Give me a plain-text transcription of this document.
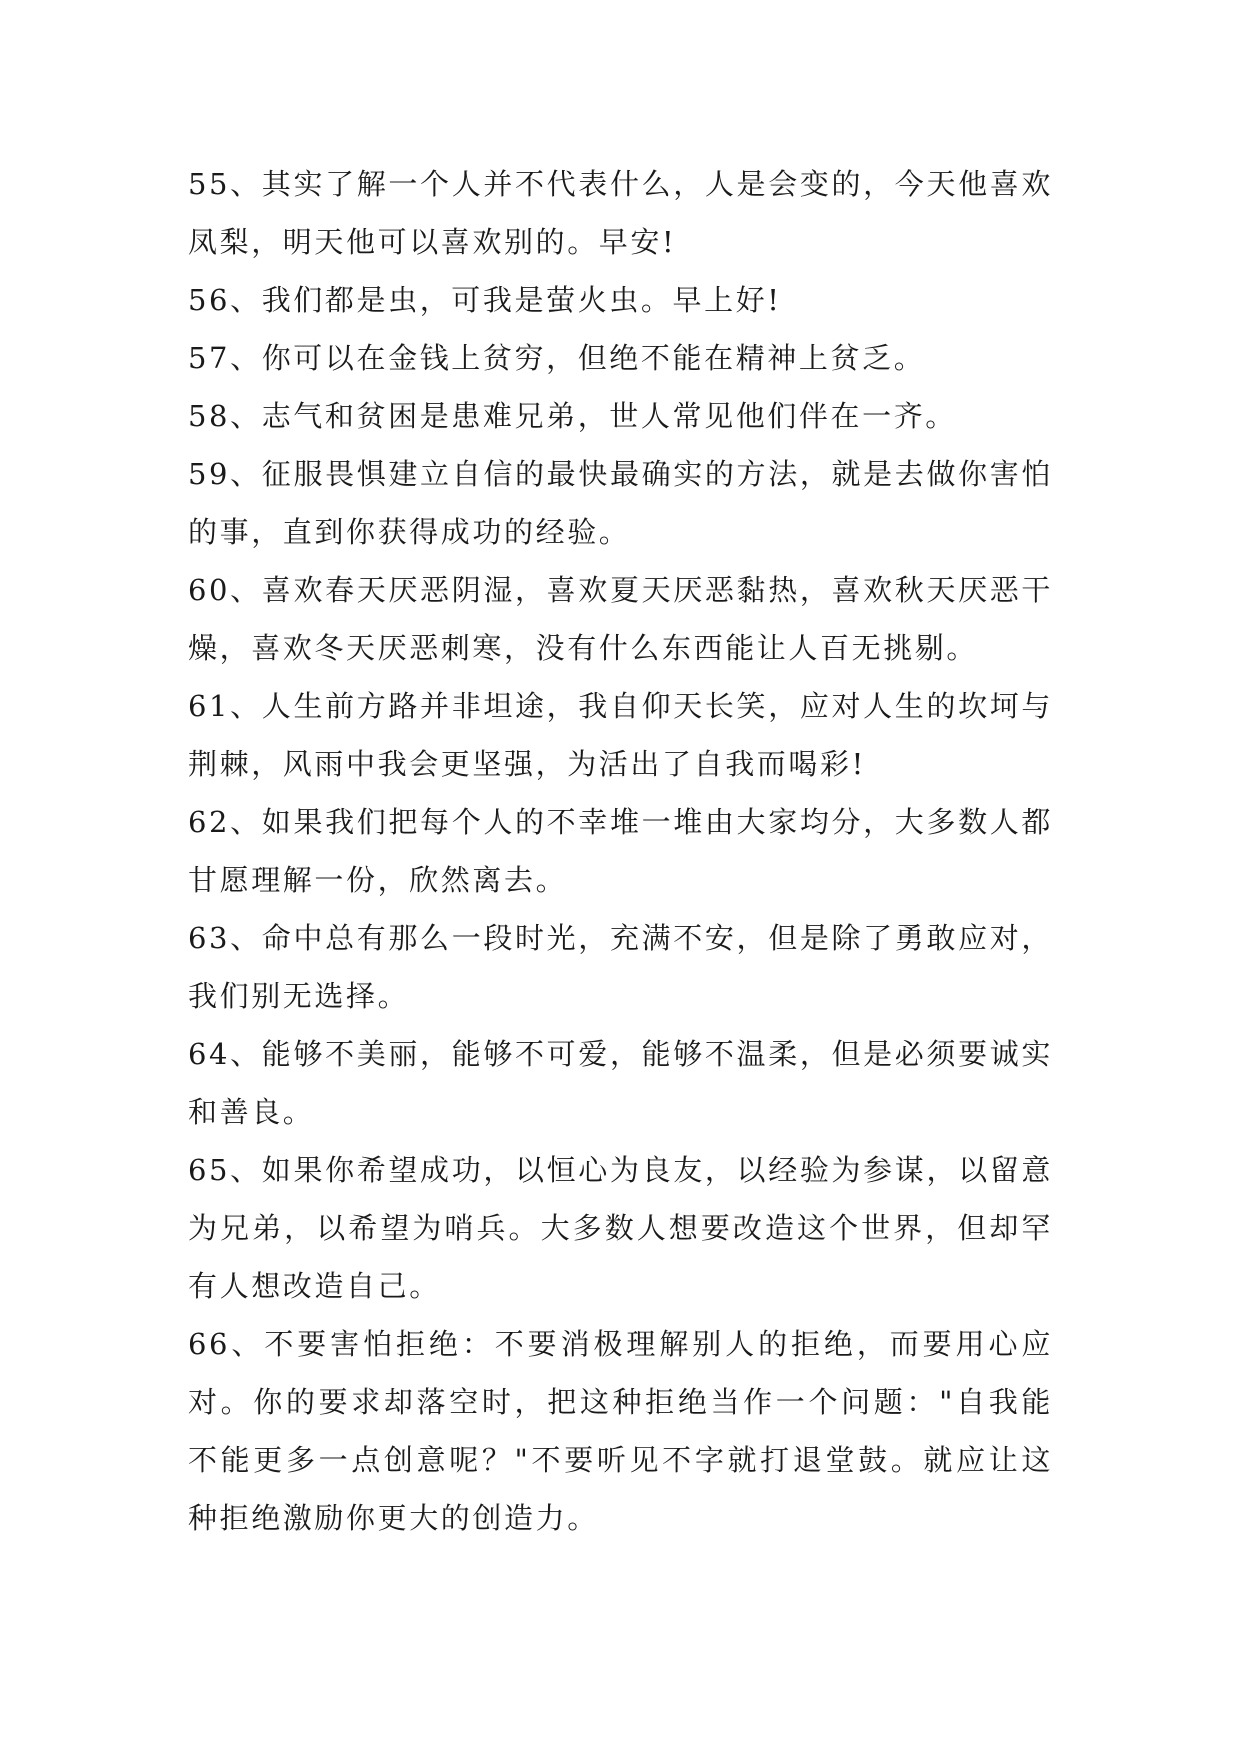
55、其实了解一个人并不代表什么，人是会变的，今天他喜欢凤梨，明天他可以喜欢别的。早安!

56、我们都是虫，可我是萤火虫。早上好!

57、你可以在金钱上贫穷，但绝不能在精神上贫乏。

58、志气和贫困是患难兄弟，世人常见他们伴在一齐。

59、征服畏惧建立自信的最快最确实的方法，就是去做你害怕的事，直到你获得成功的经验。

60、喜欢春天厌恶阴湿，喜欢夏天厌恶黏热，喜欢秋天厌恶干燥，喜欢冬天厌恶刺寒，没有什么东西能让人百无挑剔。

61、人生前方路并非坦途，我自仰天长笑，应对人生的坎坷与荆棘，风雨中我会更坚强，为活出了自我而喝彩!

62、如果我们把每个人的不幸堆一堆由大家均分，大多数人都甘愿理解一份，欣然离去。

63、命中总有那么一段时光，充满不安，但是除了勇敢应对，我们别无选择。

64、能够不美丽，能够不可爱，能够不温柔，但是必须要诚实和善良。

65、如果你希望成功，以恒心为良友，以经验为参谋，以留意为兄弟，以希望为哨兵。大多数人想要改造这个世界，但却罕有人想改造自己。

66、不要害怕拒绝：不要消极理解别人的拒绝，而要用心应对。你的要求却落空时，把这种拒绝当作一个问题："自我能不能更多一点创意呢？"不要听见不字就打退堂鼓。就应让这种拒绝激励你更大的创造力。
